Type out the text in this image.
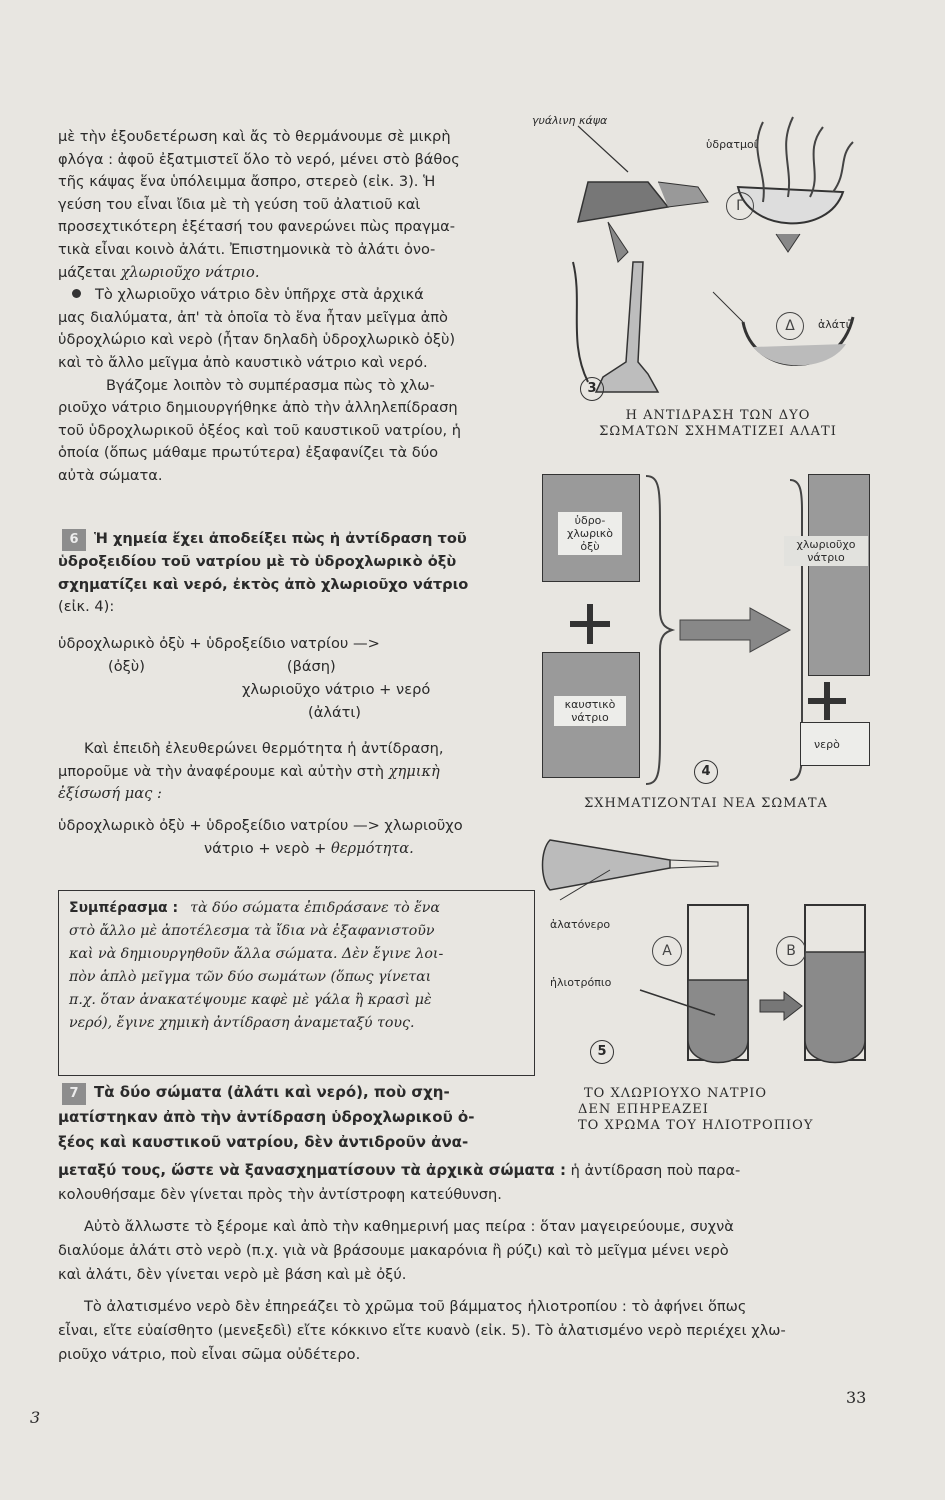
μὲ τὴν ἐξουδετέρωση καὶ ἄς τὸ θερμάνουμε σὲ μικρὴ

φλόγα : ἀφοῦ ἐξατμιστεῖ ὅλο τὸ νερό, μένει στὸ βάθος

τῆς κάψας ἕνα ὑπόλειμμα ἄσπρο, στερεὸ (εἰκ. 3). Ἡ

γεύση του εἶναι ἴδια μὲ τὴ γεύση τοῦ ἀλατιοῦ καὶ

προσεχτικότερη ἐξέτασή του φανερώνει πὼς πραγμα-

τικὰ εἶναι κοινὸ ἀλάτι. Ἐπιστημονικὰ τὸ ἀλάτι ὀνο-

μάζεται χλωριοῦχο νάτριο.

Τὸ χλωριοῦχο νάτριο δὲν ὑπῆρχε στὰ ἀρχικά

μας διαλύματα, ἀπ' τὰ ὁποῖα τὸ ἕνα ἦταν μεῖγμα ἀπὸ

ὑδροχλώριο καὶ νερὸ (ἦταν δηλαδὴ ὑδροχλωρικὸ ὀξὺ)

καὶ τὸ ἄλλο μεῖγμα ἀπὸ καυστικὸ νάτριο καὶ νερό.

Βγάζομε λοιπὸν τὸ συμπέρασμα πὼς τὸ χλω-

ριοῦχο νάτριο δημιουργήθηκε ἀπὸ τὴν ἀλληλεπίδραση

τοῦ ὑδροχλωρικοῦ ὀξέος καὶ τοῦ καυστικοῦ νατρίου, ἡ

ὁποία (ὅπως μάθαμε πρωτύτερα) ἐξαφανίζει τὰ δύο

αὐτὰ σώματα.

6 Ἡ χημεία ἔχει ἀποδείξει πὼς ἡ ἀντίδραση τοῦ

ὑδροξειδίου τοῦ νατρίου μὲ τὸ ὑδροχλωρικὸ ὀξὺ

σχηματίζει καὶ νερό, ἐκτὸς ἀπὸ χλωριοῦχο νάτριο

(εἰκ. 4):

ὑδροχλωρικὸ ὀξὺ + ὑδροξείδιο νατρίου —>
(ὀξὺ)	(βάση)
χλωριοῦχο νάτριο + νερό
(ἀλάτι)

Καὶ ἐπειδὴ ἐλευθερώνει θερμότητα ἡ ἀντίδραση,

μποροῦμε νὰ τὴν ἀναφέρουμε καὶ αὐτὴν στὴ χημικὴ

ἐξίσωσή μας :

ὑδροχλωρικὸ ὀξὺ + ὑδροξείδιο νατρίου —> χλωριοῦχο
νάτριο + νερὸ + θερμότητα.
Συμπέρασμα : τὰ δύο σώματα ἐπιδράσανε τὸ ἕνα
στὸ ἄλλο μὲ ἀποτέλεσμα τὰ ἴδια νὰ ἐξαφανιστοῦν
καὶ νὰ δημιουργηθοῦν ἄλλα σώματα. Δὲν ἔγινε λοι-
πὸν ἁπλὸ μεῖγμα τῶν δύο σωμάτων (ὅπως γίνεται
π.χ. ὅταν ἀνακατέψουμε καφὲ μὲ γάλα ἢ κρασὶ μὲ
νερό), ἔγινε χημικὴ ἀντίδραση ἀναμεταξύ τους.

7 Τὰ δύο σώματα (ἀλάτι καὶ νερό), ποὺ σχη-

ματίστηκαν ἀπὸ τὴν ἀντίδραση ὑδροχλωρικοῦ ὀ-

ξέος καὶ καυστικοῦ νατρίου, δὲν ἀντιδροῦν ἀνα-

μεταξύ τους, ὥστε νὰ ξανασχηματίσουν τὰ ἀρχικὰ σώματα : ἡ ἀντίδραση ποὺ παρα-

κολουθήσαμε δὲν γίνεται πρὸς τὴν ἀντίστροφη κατεύθυνση.

Αὐτὸ ἄλλωστε τὸ ξέρομε καὶ ἀπὸ τὴν καθημερινή μας πείρα : ὅταν μαγειρεύουμε, συχνὰ

διαλύομε ἀλάτι στὸ νερὸ (π.χ. γιὰ νὰ βράσουμε μακαρόνια ἢ ρύζι) καὶ τὸ μεῖγμα μένει νερὸ

καὶ ἀλάτι, δὲν γίνεται νερὸ μὲ βάση καὶ μὲ ὀξύ.

Τὸ ἀλατισμένο νερὸ δὲν ἐπηρεάζει τὸ χρῶμα τοῦ βάμματος ἡλιοτροπίου : τὸ ἀφήνει ὅπως

εἶναι, εἴτε εὐαίσθητο (μενεξεδὶ) εἴτε κόκκινο εἴτε κυανὸ (εἰκ. 5). Τὸ ἀλατισμένο νερὸ περιέχει χλω-

ριοῦχο νάτριο, ποὺ εἶναι σῶμα οὐδέτερο.

γυάλινη κάψα
ὑδρατμοί
Γ
Δ	ἀλάτι
3
Η ΑΝΤΙΔΡΑΣΗ ΤΩΝ ΔΥΟ
ΣΩΜΑΤΩΝ ΣΧΗΜΑΤΙΖΕΙ ΑΛΑΤΙ
ὑδρο-
χλωρικὸ
ὀξὺ
καυστικὸ
νάτριο
χλωριοῦχο
νάτριο
νερὸ
4
ΣΧΗΜΑΤΙΖΟΝΤΑΙ ΝΕΑ ΣΩΜΑΤΑ
ἀλατόνερο
ἡλιοτρόπιο
A	B
5
ΤΟ ΧΛΩΡΙΟΥΧΟ ΝΑΤΡΙΟ
ΔΕΝ ΕΠΗΡΕΑΖΕΙ
ΤΟ ΧΡΩΜΑ ΤΟΥ ΗΛΙΟΤΡΟΠΙΟΥ
3
33
